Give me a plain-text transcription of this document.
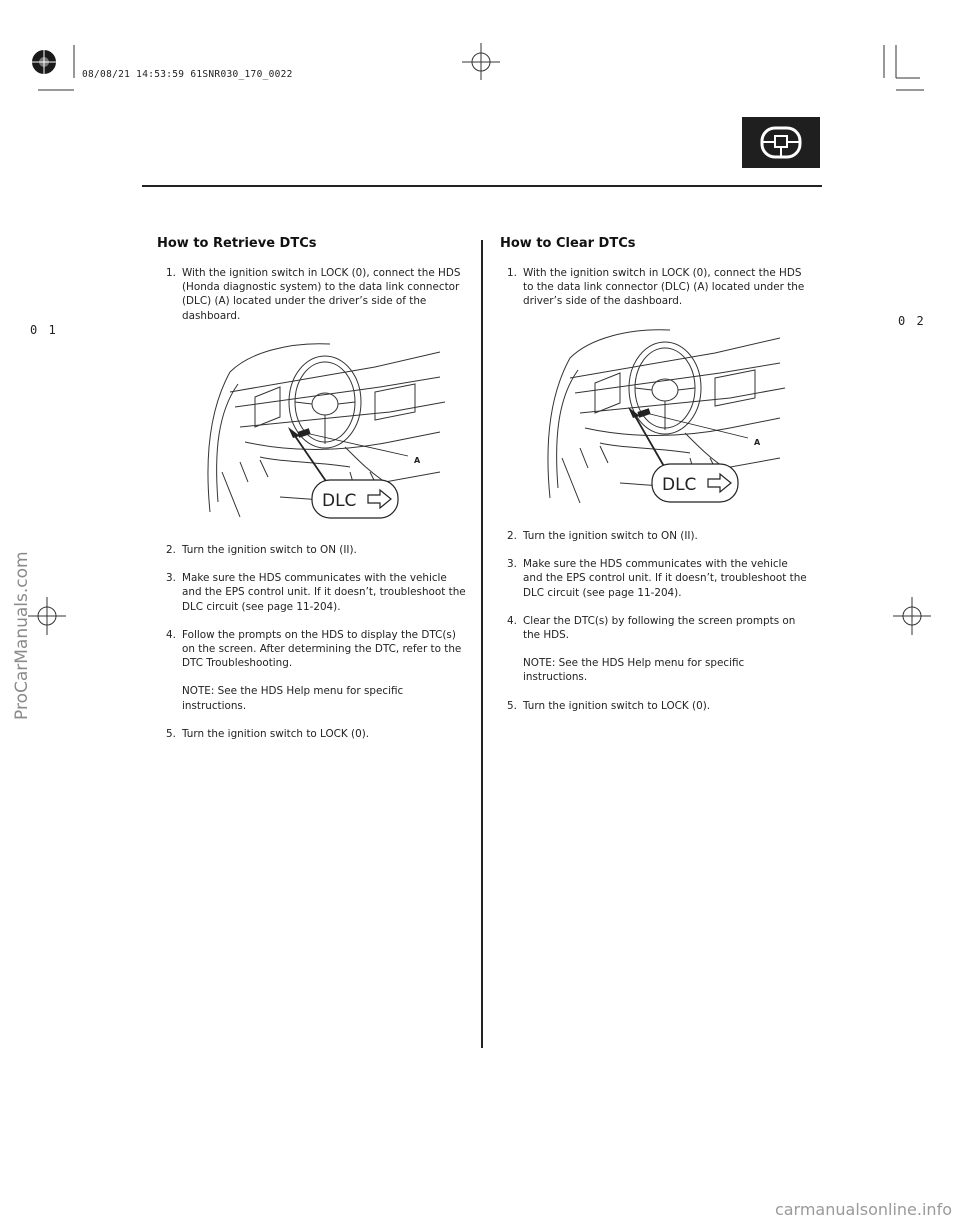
08/08/21 14:53:59 61SNR030_170_0022
0 1
0 2
How to Retrieve DTCs
1. With the ignition switch in LOCK (0), connect the HDS (Honda diagnostic system) to the data link connector (DLC) (A) located under the driver’s side of the dashboard.
DLC
A
2. Turn the ignition switch to ON (II).
3. Make sure the HDS communicates with the vehicle and the EPS control unit. If it doesn’t, troubleshoot the DLC circuit (see page 11-204).
4. Follow the prompts on the HDS to display the DTC(s) on the screen. After determining the DTC, refer to the DTC Troubleshooting.
NOTE: See the HDS Help menu for specific instructions.
5. Turn the ignition switch to LOCK (0).
How to Clear DTCs
1. With the ignition switch in LOCK (0), connect the HDS to the data link connector (DLC) (A) located under the driver’s side of the dashboard.
DLC
A
2. Turn the ignition switch to ON (II).
3. Make sure the HDS communicates with the vehicle and the EPS control unit. If it doesn’t, troubleshoot the DLC circuit (see page 11-204).
4. Clear the DTC(s) by following the screen prompts on the HDS.
NOTE: See the HDS Help menu for specific instructions.
5. Turn the ignition switch to LOCK (0).
ProCarManuals.com
carmanualsonline.info
